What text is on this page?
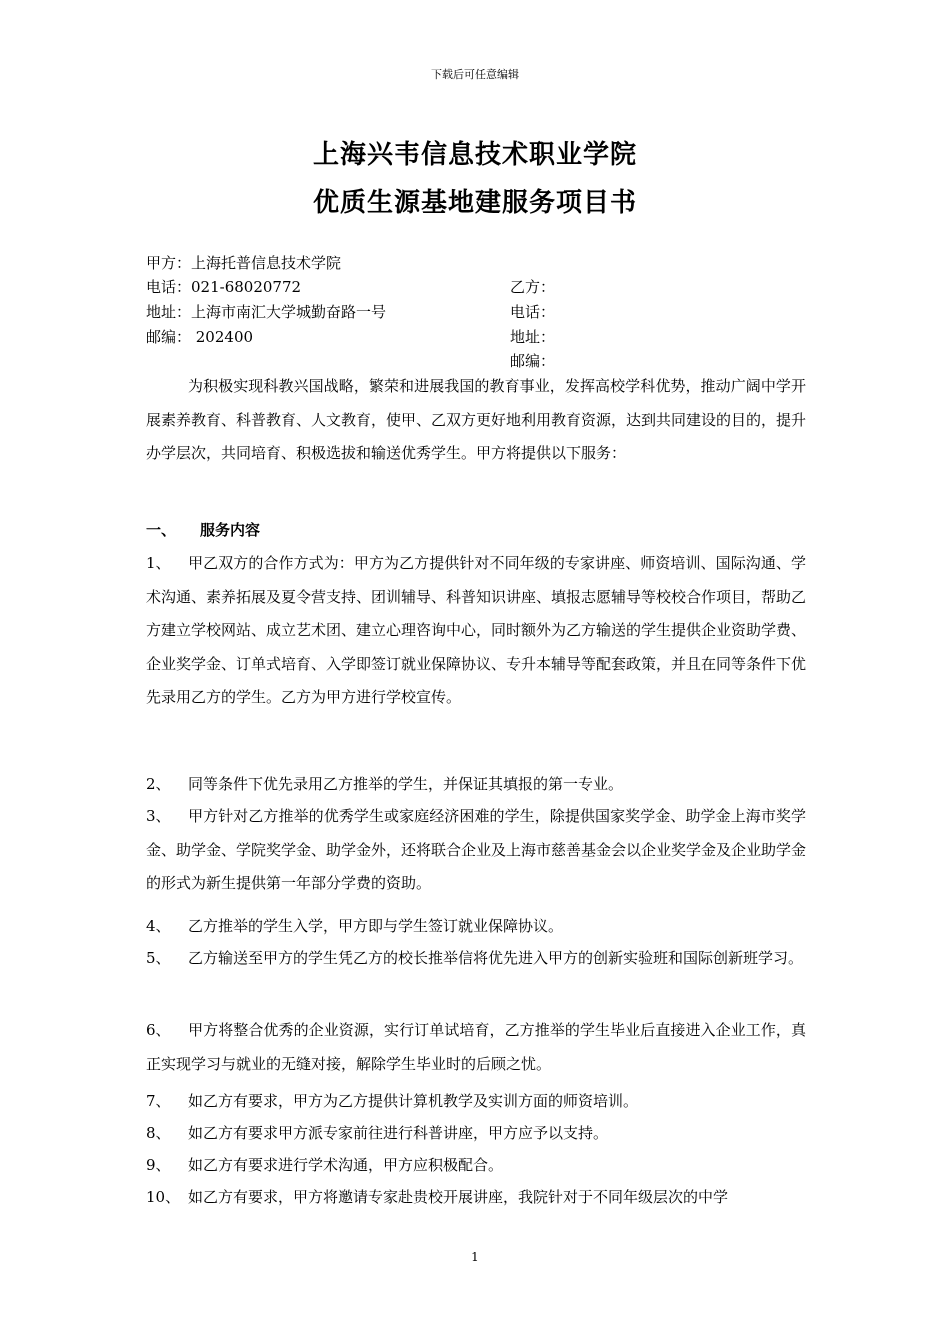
下载后可任意编辑
上海兴韦信息技术职业学院
优质生源基地建服务项目书
甲方：上海托普信息技术学院
电话：021-68020772
地址：上海市南汇大学城勤奋路一号
邮编： 202400
乙方：
电话：
地址：
邮编：
为积极实现科教兴国战略，繁荣和进展我国的教育事业，发挥高校学科优势，推动广阔中学开展素养教育、科普教育、人文教育，使甲、乙双方更好地利用教育资源，达到共同建设的目的，提升办学层次，共同培育、积极选拔和输送优秀学生。甲方将提供以下服务：
一、 服务内容
1、 甲乙双方的合作方式为：甲方为乙方提供针对不同年级的专家讲座、师资培训、国际沟通、学术沟通、素养拓展及夏令营支持、团训辅导、科普知识讲座、填报志愿辅导等校校合作项目，帮助乙方建立学校网站、成立艺术团、建立心理咨询中心，同时额外为乙方输送的学生提供企业资助学费、企业奖学金、订单式培育、入学即签订就业保障协议、专升本辅导等配套政策，并且在同等条件下优先录用乙方的学生。乙方为甲方进行学校宣传。
2、 同等条件下优先录用乙方推举的学生，并保证其填报的第一专业。
3、 甲方针对乙方推举的优秀学生或家庭经济困难的学生，除提供国家奖学金、助学金上海市奖学金、助学金、学院奖学金、助学金外，还将联合企业及上海市慈善基金会以企业奖学金及企业助学金的形式为新生提供第一年部分学费的资助。
4、 乙方推举的学生入学，甲方即与学生签订就业保障协议。
5、 乙方输送至甲方的学生凭乙方的校长推举信将优先进入甲方的创新实验班和国际创新班学习。
6、 甲方将整合优秀的企业资源，实行订单试培育，乙方推举的学生毕业后直接进入企业工作，真正实现学习与就业的无缝对接，解除学生毕业时的后顾之忧。
7、 如乙方有要求，甲方为乙方提供计算机教学及实训方面的师资培训。
8、 如乙方有要求甲方派专家前往进行科普讲座，甲方应予以支持。
9、 如乙方有要求进行学术沟通，甲方应积极配合。
10、 如乙方有要求，甲方将邀请专家赴贵校开展讲座，我院针对于不同年级层次的中学
1
